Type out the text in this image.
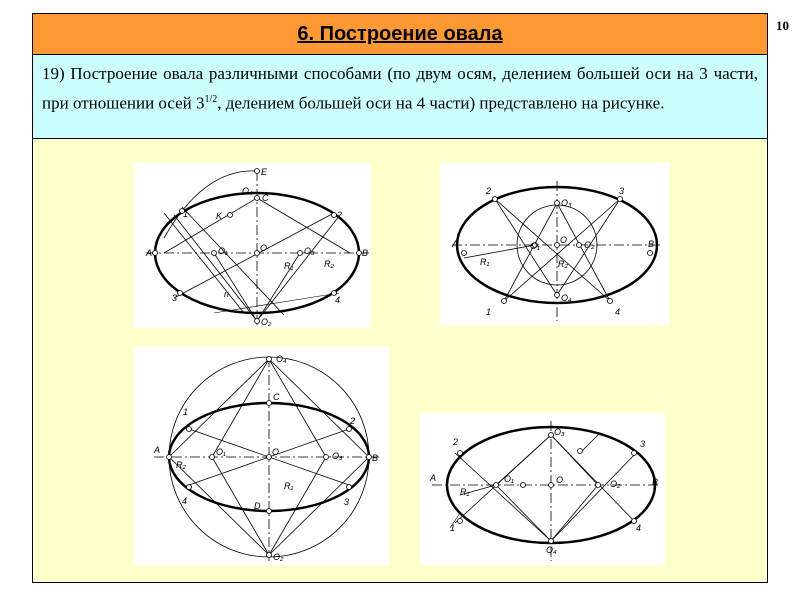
10
6. Построение овала
19) Построение овала различными способами (по двум осям, делением большей оси на 3 части, при отношении осей $3^{1/2}$, делением большей оси на 4 части) представлено на рисунке.
E
O₄
C
K
1
A	O₁	O	O₃	B
2
R₁	R₂
3	4
n
O₂
2	3
O₃
A	O₁
O O₂	B
R₁	R₂
O₄
1	4
O₄
C
1
2
A
R₂
O₁	O	O₃	B
R₁
4	3
D
O₂
O₃
2	3
A
R₁
O₁	O	O₂	B
1	4
O₄
